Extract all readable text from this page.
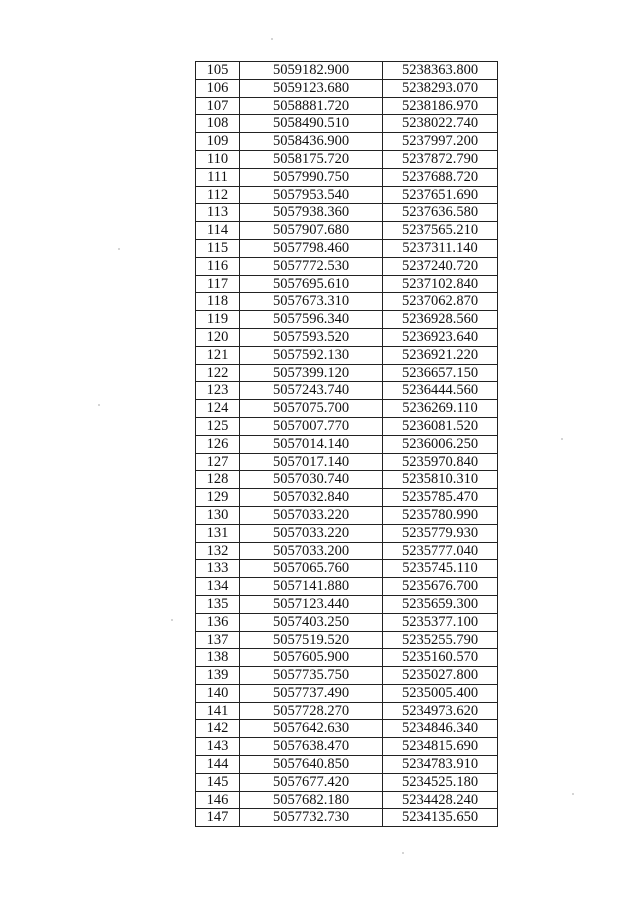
105	5059182.900	5238363.800
106	5059123.680	5238293.070
107	5058881.720	5238186.970
108	5058490.510	5238022.740
109	5058436.900	5237997.200
110	5058175.720	5237872.790
111	5057990.750	5237688.720
112	5057953.540	5237651.690
113	5057938.360	5237636.580
114	5057907.680	5237565.210
115	5057798.460	5237311.140
116	5057772.530	5237240.720
117	5057695.610	5237102.840
118	5057673.310	5237062.870
119	5057596.340	5236928.560
120	5057593.520	5236923.640
121	5057592.130	5236921.220
122	5057399.120	5236657.150
123	5057243.740	5236444.560
124	5057075.700	5236269.110
125	5057007.770	5236081.520
126	5057014.140	5236006.250
127	5057017.140	5235970.840
128	5057030.740	5235810.310
129	5057032.840	5235785.470
130	5057033.220	5235780.990
131	5057033.220	5235779.930
132	5057033.200	5235777.040
133	5057065.760	5235745.110
134	5057141.880	5235676.700
135	5057123.440	5235659.300
136	5057403.250	5235377.100
137	5057519.520	5235255.790
138	5057605.900	5235160.570
139	5057735.750	5235027.800
140	5057737.490	5235005.400
141	5057728.270	5234973.620
142	5057642.630	5234846.340
143	5057638.470	5234815.690
144	5057640.850	5234783.910
145	5057677.420	5234525.180
146	5057682.180	5234428.240
147	5057732.730	5234135.650
